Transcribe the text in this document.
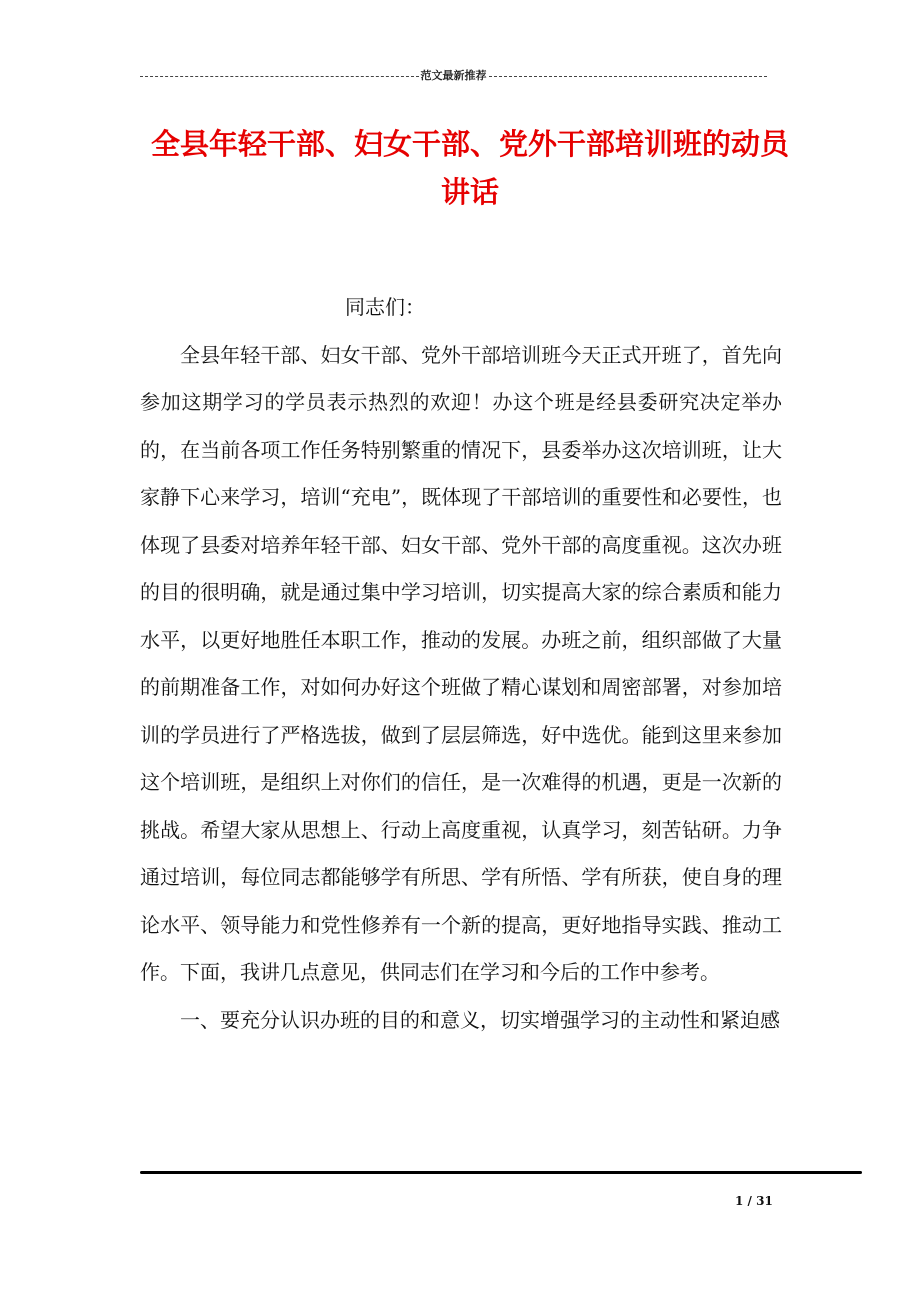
范文最新推荐
全县年轻干部、妇女干部、党外干部培训班的动员讲话

同志们：

全县年轻干部、妇女干部、党外干部培训班今天正式开班了，首先向参加这期学习的学员表示热烈的欢迎！办这个班是经县委研究决定举办的，在当前各项工作任务特别繁重的情况下，县委举办这次培训班，让大家静下心来学习，培训“充电”，既体现了干部培训的重要性和必要性，也体现了县委对培养年轻干部、妇女干部、党外干部的高度重视。这次办班的目的很明确，就是通过集中学习培训，切实提高大家的综合素质和能力水平，以更好地胜任本职工作，推动的发展。办班之前，组织部做了大量的前期准备工作，对如何办好这个班做了精心谋划和周密部署，对参加培训的学员进行了严格选拔，做到了层层筛选，好中选优。能到这里来参加这个培训班，是组织上对你们的信任，是一次难得的机遇，更是一次新的挑战。希望大家从思想上、行动上高度重视，认真学习，刻苦钻研。力争通过培训，每位同志都能够学有所思、学有所悟、学有所获，使自身的理论水平、领导能力和党性修养有一个新的提高，更好地指导实践、推动工作。下面，我讲几点意见，供同志们在学习和今后的工作中参考。

一、要充分认识办班的目的和意义，切实增强学习的主动性和紧迫感

1 / 31
